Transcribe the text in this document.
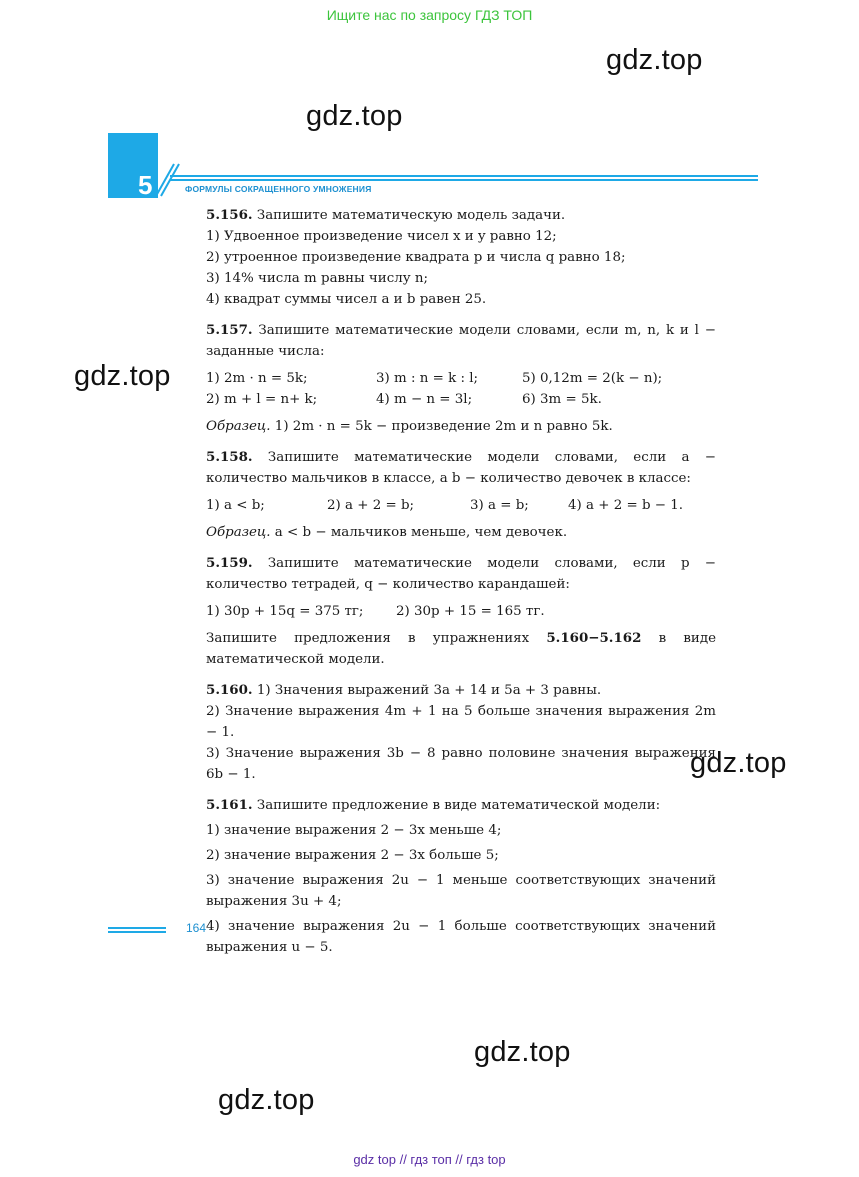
Ищите нас по запросу ГДЗ ТОП
gdz.top
gdz.top
5	ФОРМУЛЫ СОКРАЩЕННОГО УМНОЖЕНИЯ

5.156. Запишите математическую модель задачи.

1) Удвоенное произведение чисел x и y равно 12;

2) утроенное произведение квадрата p и числа q равно 18;

3) 14% числа m равны числу n;

4) квадрат суммы чисел a и b равен 25.

5.157. Запишите математические модели словами, если m, n, k и l − заданные числа:

1) 2m · n = 5k;	3) m : n = k : l;	5) 0,12m = 2(k − n);
2) m + l = n+ k;	4) m − n = 3l;	6) 3m = 5k.

Образец. 1) 2m · n = 5k − произведение 2m и n равно 5k.

5.158. Запишите математические модели словами, если a − количество мальчиков в классе, а b − количество девочек в классе:

1) a < b;	2) a + 2 = b;	3) a = b;	4) a + 2 = b − 1.

Образец. a < b − мальчиков меньше, чем девочек.

5.159. Запишите математические модели словами, если p − количество тетрадей, q − количество карандашей:

1) 30p + 15q = 375 тг;	2) 30p + 15 = 165 тг.

Запишите предложения в упражнениях 5.160−5.162 в виде математической модели.

5.160. 1) Значения выражений 3a + 14 и 5a + 3 равны.

2) Значение выражения 4m + 1 на 5 больше значения выражения 2m − 1.

3) Значение выражения 3b − 8 равно половине значения выражения 6b − 1.

5.161. Запишите предложение в виде математической модели:

1) значение выражения 2 − 3x меньше 4;

2) значение выражения 2 − 3x больше 5;

3) значение выражения 2u − 1 меньше соответствующих значений выражения 3u + 4;

4) значение выражения 2u − 1 больше соответствующих значений выражения u − 5.

gdz.top
gdz.top
164
gdz.top
gdz.top
gdz top // гдз топ // гдз top
